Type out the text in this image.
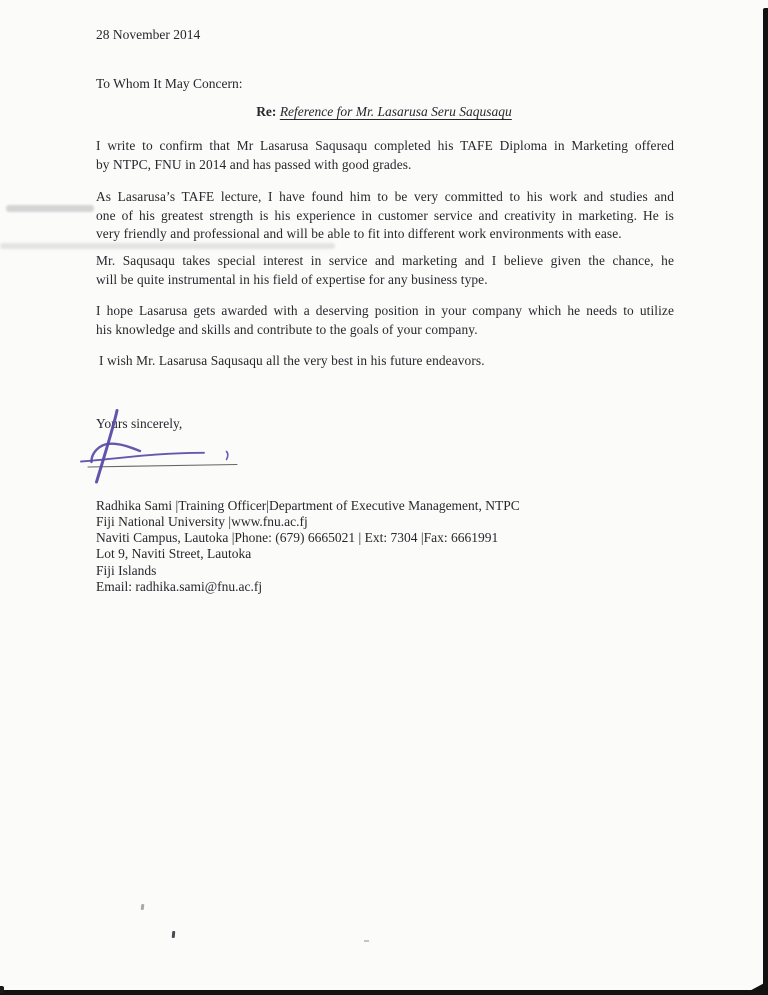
28 November 2014
To Whom It May Concern:
Re: Reference for Mr. Lasarusa Seru Saqusaqu
I write to confirm that Mr Lasarusa Saqusaqu completed his TAFE Diploma in Marketing offered
by NTPC, FNU in 2014 and has passed with good grades.
As Lasarusa’s TAFE lecture, I have found him to be very committed to his work and studies and
one of his greatest strength is his experience in customer service and creativity in marketing. He is
very friendly and professional and will be able to fit into different work environments with ease.
Mr. Saqusaqu takes special interest in service and marketing and I believe given the chance, he
will be quite instrumental in his field of expertise for any business type.
I hope Lasarusa gets awarded with a deserving position in your company which he needs to utilize
his knowledge and skills and contribute to the goals of your company.
I wish Mr. Lasarusa Saqusaqu all the very best in his future endeavors.
Yours sincerely,
Radhika Sami |Training Officer|Department of Executive Management, NTPC
Fiji National University |www.fnu.ac.fj
Naviti Campus, Lautoka |Phone: (679) 6665021 | Ext: 7304 |Fax: 6661991
Lot 9, Naviti Street, Lautoka
Fiji Islands
Email: radhika.sami@fnu.ac.fj
